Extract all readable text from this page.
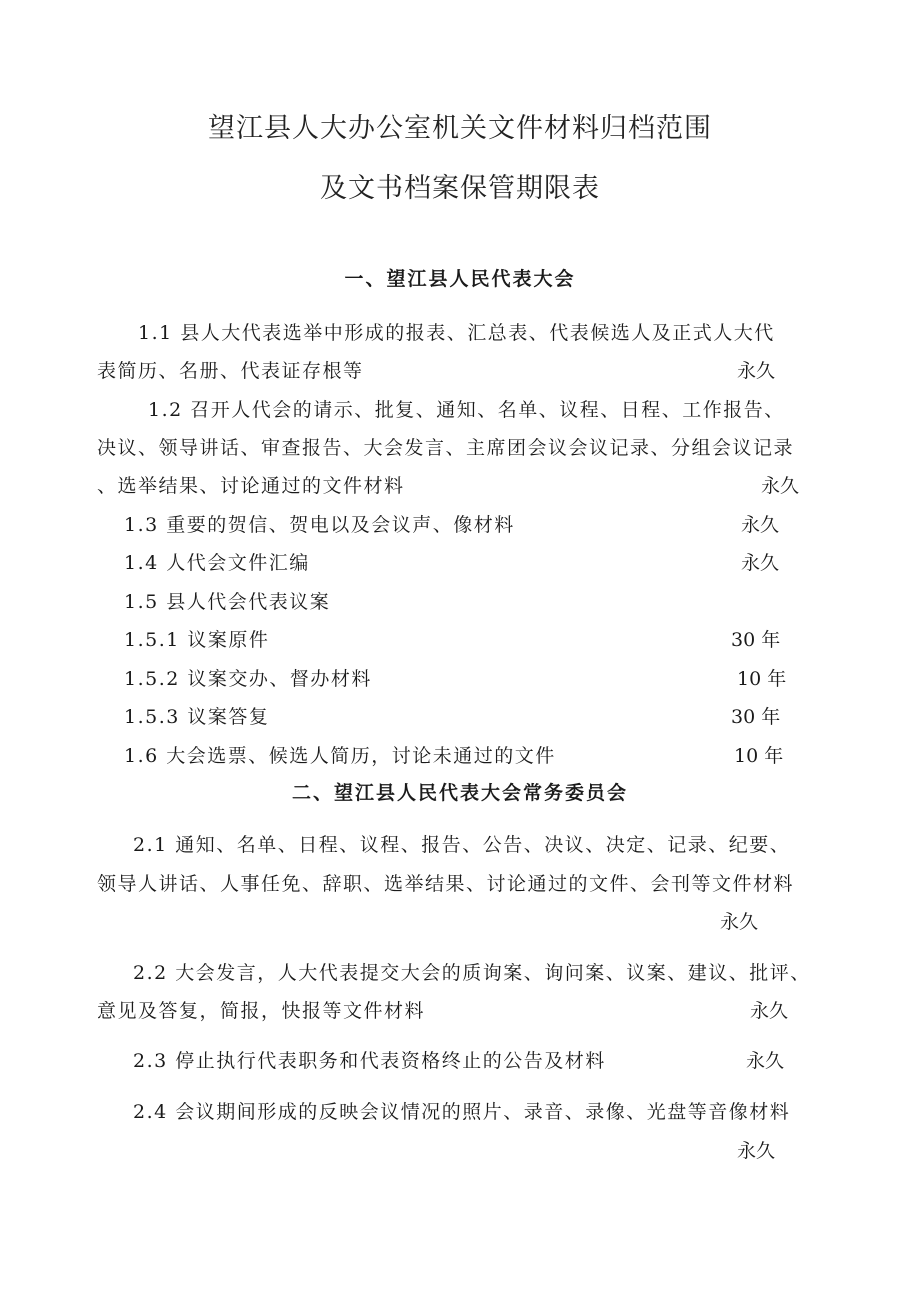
望江县人大办公室机关文件材料归档范围
及文书档案保管期限表
一、望江县人民代表大会
1.1 县人大代表选举中形成的报表、汇总表、代表候选人及正式人大代
表简历、名册、代表证存根等	永久
1.2 召开人代会的请示、批复、通知、名单、议程、日程、工作报告、
决议、领导讲话、审查报告、大会发言、主席团会议会议记录、分组会议记录
、选举结果、讨论通过的文件材料	永久
1.3 重要的贺信、贺电以及会议声、像材料	永久
1.4 人代会文件汇编	永久
1.5 县人代会代表议案
1.5.1 议案原件	30 年
1.5.2 议案交办、督办材料	10 年
1.5.3 议案答复	30 年
1.6 大会选票、候选人简历，讨论未通过的文件	10 年
二、望江县人民代表大会常务委员会
2.1 通知、名单、日程、议程、报告、公告、决议、决定、记录、纪要、
领导人讲话、人事任免、辞职、选举结果、讨论通过的文件、会刊等文件材料
永久
2.2 大会发言，人大代表提交大会的质询案、询问案、议案、建议、批评、
意见及答复，简报，快报等文件材料	永久
2.3 停止执行代表职务和代表资格终止的公告及材料	永久
2.4 会议期间形成的反映会议情况的照片、录音、录像、光盘等音像材料
永久
